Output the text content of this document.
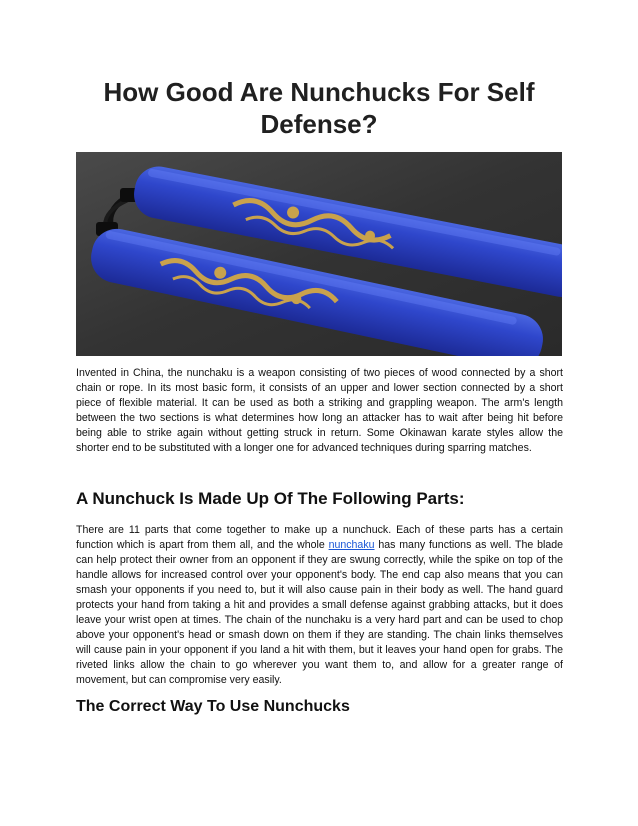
How Good Are Nunchucks For Self Defense?

Invented in China, the nunchaku is a weapon consisting of two pieces of wood connected by a short chain or rope. In its most basic form, it consists of an upper and lower section connected by a short piece of flexible material. It can be used as both a striking and grappling weapon. The arm's length between the two sections is what determines how long an attacker has to wait after being hit before being able to strike again without getting struck in return. Some Okinawan karate styles allow the shorter end to be substituted with a longer one for advanced techniques during sparring matches.

A Nunchuck Is Made Up Of The Following Parts:

There are 11 parts that come together to make up a nunchuck. Each of these parts has a certain function which is apart from them all, and the whole nunchaku has many functions as well. The blade can help protect their owner from an opponent if they are swung correctly, while the spike on top of the handle allows for increased control over your opponent's body. The end cap also means that you can smash your opponents if you need to, but it will also cause pain in their body as well. The hand guard protects your hand from taking a hit and provides a small defense against grabbing attacks, but it does leave your wrist open at times. The chain of the nunchaku is a very hard part and can be used to chop above your opponent's head or smash down on them if they are standing. The chain links themselves will cause pain in your opponent if you land a hit with them, but it leaves your hand open for grabs. The riveted links allow the chain to go wherever you want them to, and allow for a greater range of movement, but can compromise very easily.

The Correct Way To Use Nunchucks
